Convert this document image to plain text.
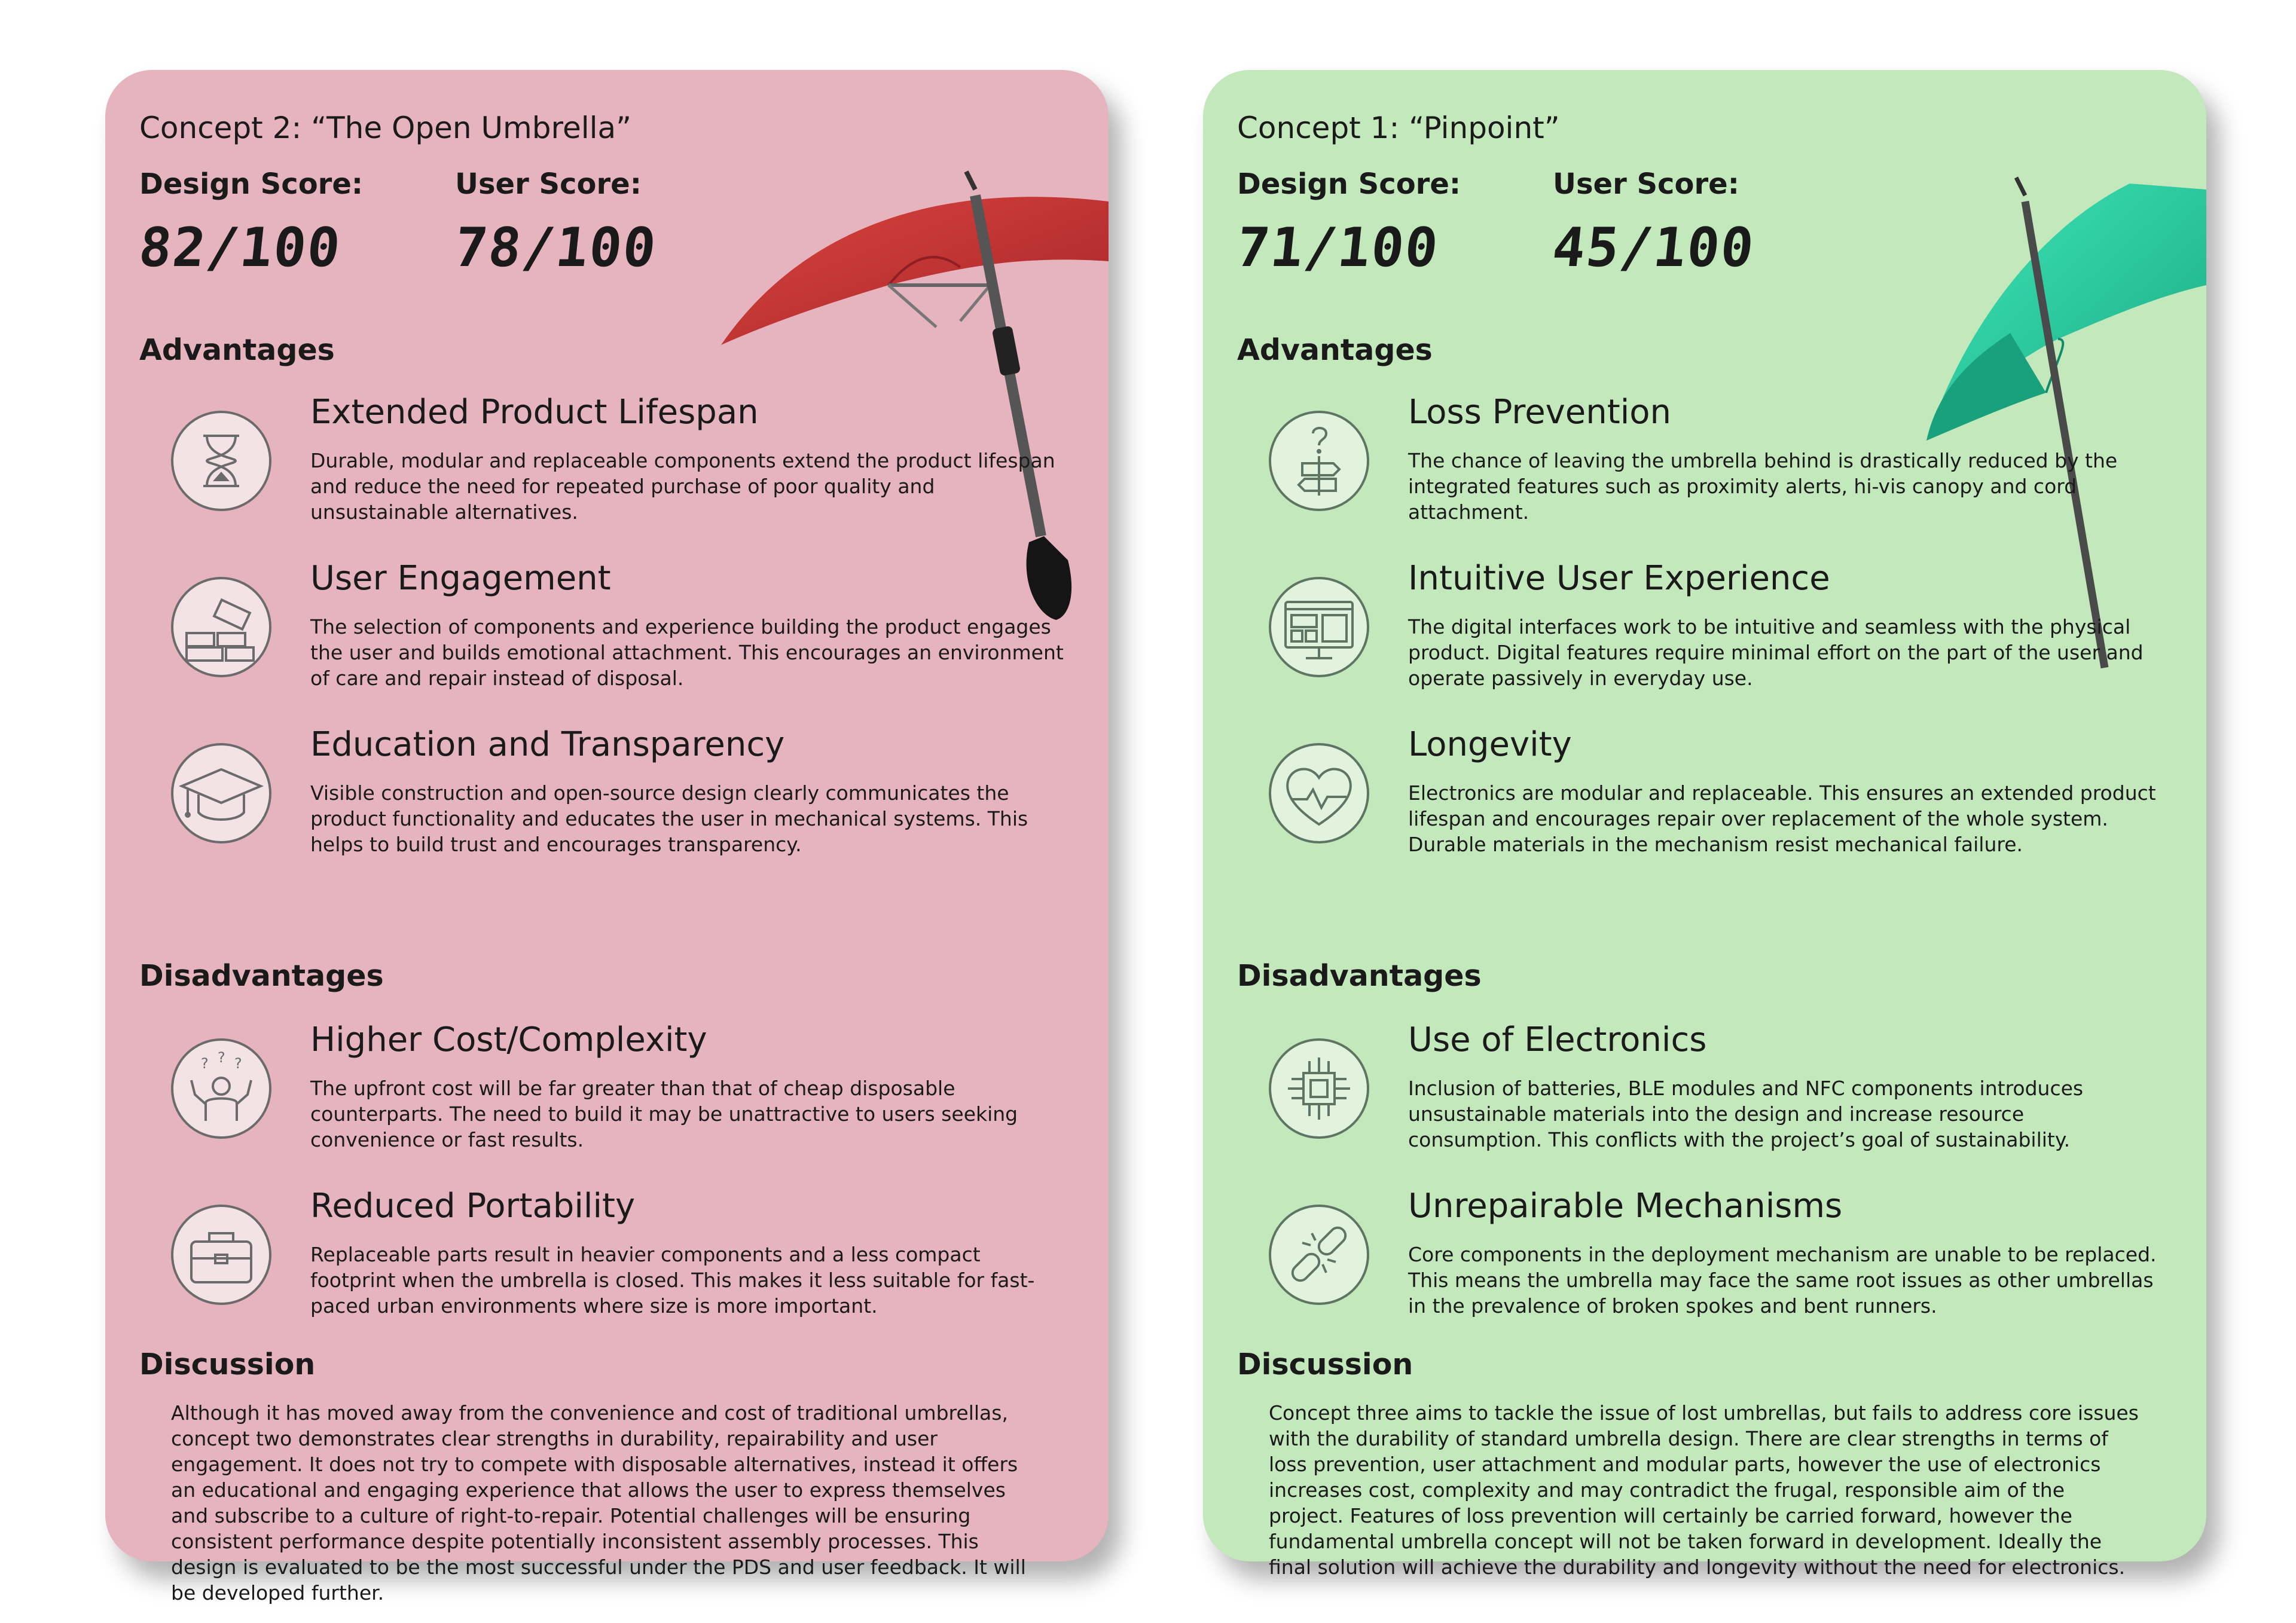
Concept 2: “The Open Umbrella”
Design Score:	User Score:
82/100 78/100
Advantages
Extended Product Lifespan
Durable, modular and replaceable components extend the product lifespan and reduce the need for repeated purchase of poor quality and unsustainable alternatives.
User Engagement
The selection of components and experience building the product engages the user and builds emotional attachment. This encourages an environment of care and repair instead of disposal.
Education and Transparency
Visible construction and open-source design clearly communicates the product functionality and educates the user in mechanical systems. This helps to build trust and encourages transparency.
Disadvantages
? ? ?
Higher Cost/Complexity
The upfront cost will be far greater than that of cheap disposable counterparts. The need to build it may be unattractive to users seeking convenience or fast results.
Reduced Portability
Replaceable parts result in heavier components and a less compact footprint when the umbrella is closed. This makes it less suitable for fast-paced urban environments where size is more important.
Discussion
Although it has moved away from the convenience and cost of traditional umbrellas, concept two demonstrates clear strengths in durability, repairability and user engagement. It does not try to compete with disposable alternatives, instead it offers an educational and engaging experience that allows the user to express themselves and subscribe to a culture of right-to-repair. Potential challenges will be ensuring consistent performance despite potentially inconsistent assembly processes. This design is evaluated to be the most successful under the PDS and user feedback. It will be developed further.
Concept 1: “Pinpoint”
Design Score:	User Score:
71/100 45/100
Advantages
Loss Prevention
The chance of leaving the umbrella behind is drastically reduced by the integrated features such as proximity alerts, hi-vis canopy and cord attachment.
Intuitive User Experience
The digital interfaces work to be intuitive and seamless with the physical product. Digital features require minimal effort on the part of the user and operate passively in everyday use.
Longevity
Electronics are modular and replaceable. This ensures an extended product lifespan and encourages repair over replacement of the whole system. Durable materials in the mechanism resist mechanical failure.
Disadvantages
Use of Electronics
Inclusion of batteries, BLE modules and NFC components introduces unsustainable materials into the design and increase resource consumption. This conflicts with the project’s goal of sustainability.
Unrepairable Mechanisms
Core components in the deployment mechanism are unable to be replaced. This means the umbrella may face the same root issues as other umbrellas in the prevalence of broken spokes and bent runners.
Discussion
Concept three aims to tackle the issue of lost umbrellas, but fails to address core issues with the durability of standard umbrella design. There are clear strengths in terms of loss prevention, user attachment and modular parts, however the use of electronics increases cost, complexity and may contradict the frugal, responsible aim of the project. Features of loss prevention will certainly be carried forward, however the fundamental umbrella concept will not be taken forward in development. Ideally the final solution will achieve the durability and longevity without the need for electronics.
